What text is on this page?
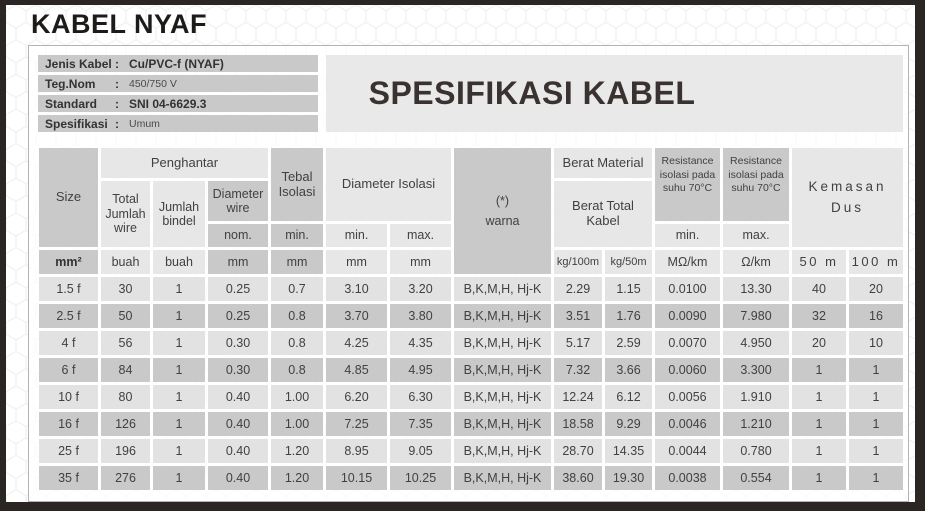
KABEL NYAF
Jenis Kabel : Cu/PVC-f (NYAF)
Teg.Nom	: 450/750 V
Standard	: SNI 04-6629.3
Spesifikasi : Umum
SPESIFIKASI KABEL
Size
Penghantar
Total Jumlah wire
Jumlah bindel
Diameter wire
nom.
Tebal Isolasi
min.
Diameter Isolasi
min.	max.
(*)
warna
Berat Material
Berat Total Kabel
Resistance isolasi pada suhu 70°C
min.
Resistance isolasi pada suhu 70°C
max.
Kemasan
Dus
mm²	buah	buah	mm	mm	mm	mm	kg/100m	kg/50m	MΩ/km	Ω/km	50 m	100 m
1.5 f	30	1	0.25	0.7	3.10	3.20	B,K,M,H, Hj-K	2.29	1.15	0.0100	13.30	40	20
2.5 f	50	1	0.25	0.8	3.70	3.80	B,K,M,H, Hj-K	3.51	1.76	0.0090	7.980	32	16
4 f	56	1	0.30	0.8	4.25	4.35	B,K,M,H, Hj-K	5.17	2.59	0.0070	4.950	20	10
6 f	84	1	0.30	0.8	4.85	4.95	B,K,M,H, Hj-K	7.32	3.66	0.0060	3.300	1	1
10 f	80	1	0.40	1.00	6.20	6.30	B,K,M,H, Hj-K	12.24	6.12	0.0056	1.910	1	1
16 f	126	1	0.40	1.00	7.25	7.35	B,K,M,H, Hj-K	18.58	9.29	0.0046	1.210	1	1
25 f	196	1	0.40	1.20	8.95	9.05	B,K,M,H, Hj-K	28.70	14.35	0.0044	0.780	1	1
35 f	276	1	0.40	1.20	10.15	10.25	B,K,M,H, Hj-K	38.60	19.30	0.0038	0.554	1	1
